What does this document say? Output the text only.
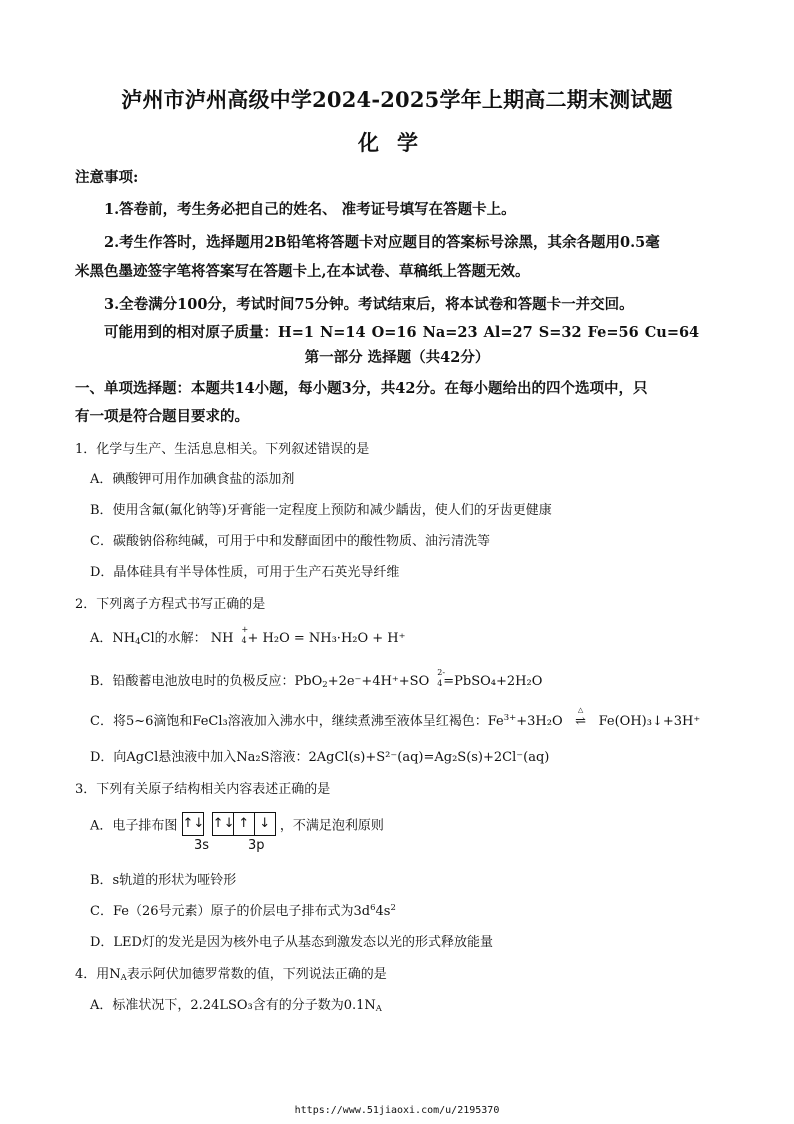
泸州市泸州高级中学2024-2025学年上期高二期末测试题
化学
注意事项:
1.答卷前，考生务必把自己的姓名、 准考证号填写在答题卡上。
2.考生作答时，选择题用2B铅笔将答题卡对应题目的答案标号涂黑，其余各题用0.5毫
米黑色墨迹签字笔将答案写在答题卡上,在本试卷、草稿纸上答题无效。
3.全卷满分100分，考试时间75分钟。考试结束后，将本试卷和答题卡一并交回。
可能用到的相对原子质量：H=1 N=14 O=16 Na=23 Al=27 S=32 Fe=56 Cu=64
第一部分 选择题（共42分）
一、单项选择题：本题共14小题，每小题3分，共42分。在每小题给出的四个选项中，只
有一项是符合题目要求的。
1．化学与生产、生活息息相关。下列叙述错误的是
A．碘酸钾可用作加碘食盐的添加剂
B．使用含氟(氟化钠等)牙膏能一定程度上预防和减少龋齿，使人们的牙齿更健康
C．碳酸钠俗称纯碱，可用于中和发酵面团中的酸性物质、油污清洗等
D．晶体硅具有半导体性质，可用于生产石英光导纤维
2．下列离子方程式书写正确的是
A．$NH_4Cl$的水解： NH
+
4 + H₂O = NH₃·H₂O + H⁺
B．铅酸蓄电池放电时的负极反应：PbO$_2$+2e⁻+4H⁺+SO
2-
4 =PbSO₄+2H₂O
C．将5~6滴饱和FeCl₃溶液加入沸水中，继续煮沸至液体呈红褐色：$Fe^{3+}+3H_2O$
△
⇌ Fe(OH)₃↓+3H⁺
D．向AgCl悬浊液中加入Na₂S溶液：2AgCl(s)+S²⁻(aq)=Ag₂S(s)+2Cl⁻(aq)
3．下列有关原子结构相关内容表述正确的是
A．电子排布图 ↑↓ ↑↓ ↑ ↓ ，不满足泡利原则
3s	3p
B．s轨道的形状为哑铃形
C．Fe（26号元素）原子的价层电子排布式为$3d^64s^2$
D．LED灯的发光是因为核外电子从基态到激发态以光的形式释放能量
4．用$N_A$表示阿伏加德罗常数的值，下列说法正确的是
A．标准状况下，2.24LSO₃含有的分子数为$0.1N_A$
https://www.51jiaoxi.com/u/2195370
